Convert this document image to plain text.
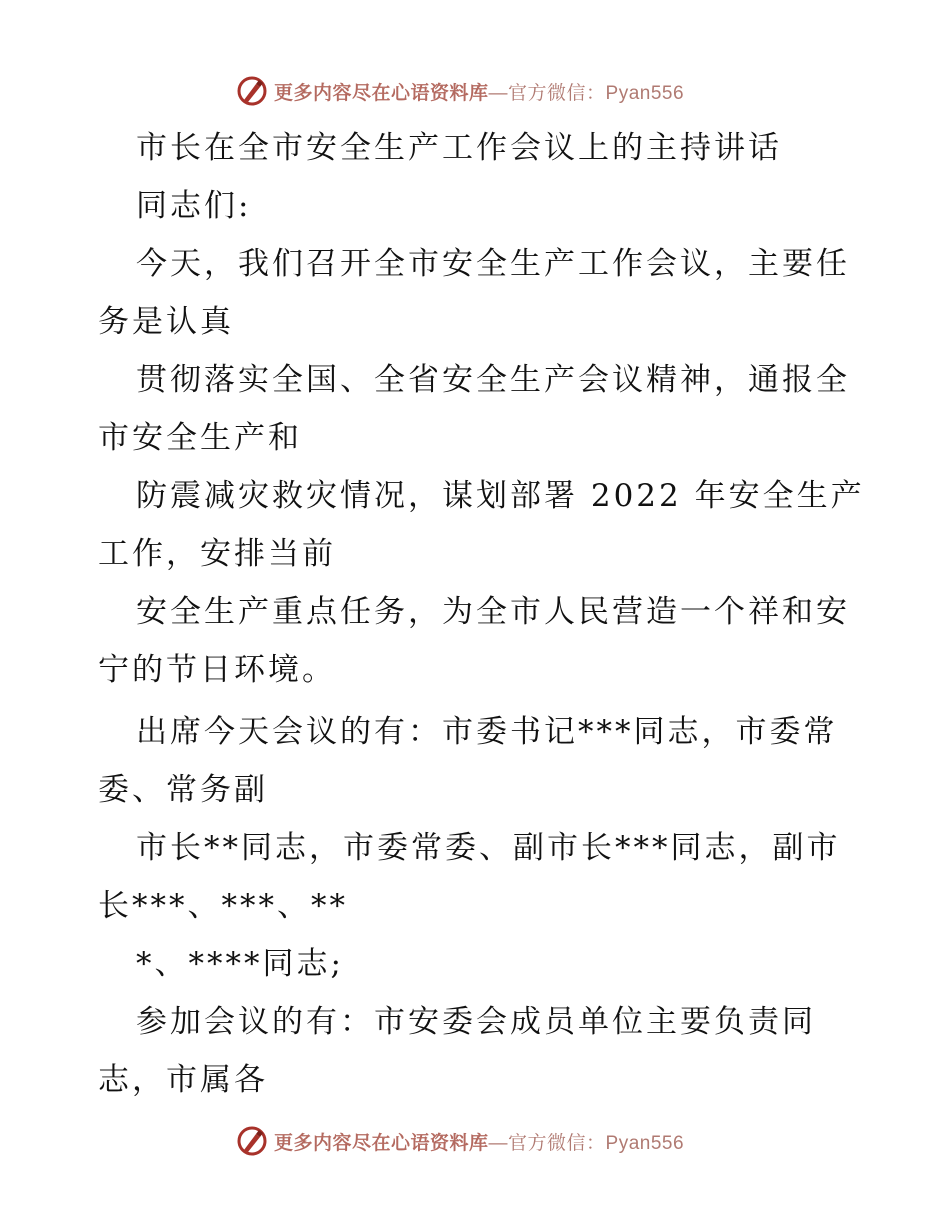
更多内容尽在心语资料库—官方微信：Pyan556
市长在全市安全生产工作会议上的主持讲话
同志们:
今天，我们召开全市安全生产工作会议，主要任
务是认真
贯彻落实全国、全省安全生产会议精神，通报全
市安全生产和
防震减灾救灾情况，谋划部署 2022 年安全生产
工作，安排当前
安全生产重点任务，为全市人民营造一个祥和安
宁的节日环境。
出席今天会议的有：市委书记***同志，市委常
委、常务副
市长**同志，市委常委、副市长***同志，副市
长***、***、**
*、****同志;
参加会议的有：市安委会成员单位主要负责同
志，市属各
更多内容尽在心语资料库—官方微信：Pyan556
